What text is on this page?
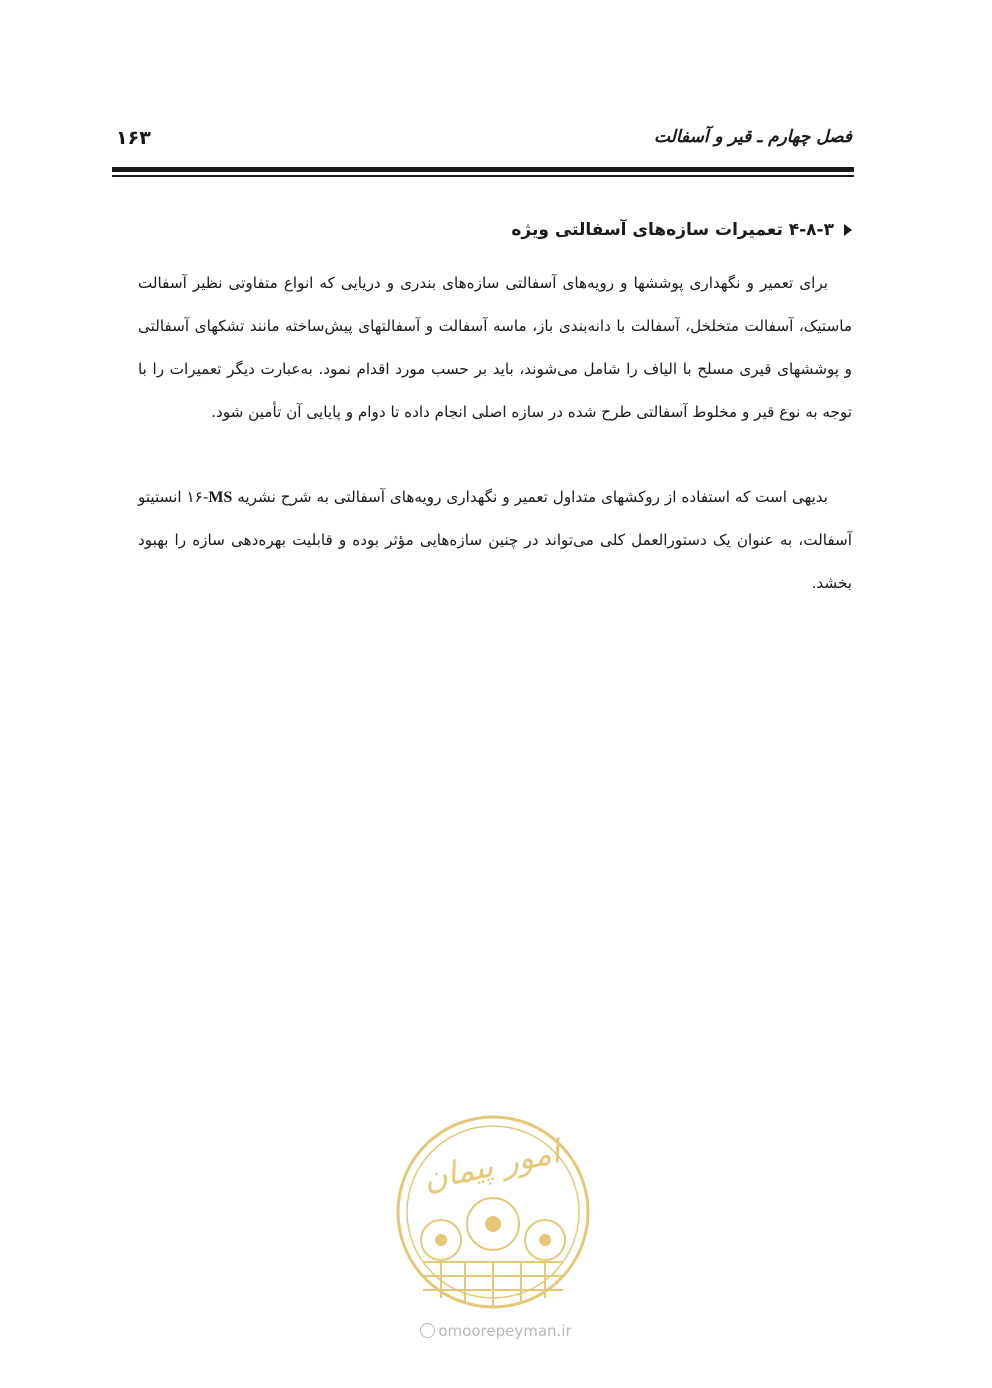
فصل چهارم ـ قیر و آسفالت
۱۶۳
۴-۸-۳ تعمیرات سازه‌های آسفالتی ویژه

برای تعمیر و نگهداری پوششها و رویه‌های آسفالتی سازه‌های بندری و دریایی که انواع متفاوتی نظیر آسفالت ماستیک، آسفالت متخلخل، آسفالت با دانه‌بندی باز، ماسه آسفالت و آسفالتهای پیش‌ساخته مانند تشکهای آسفالتی و پوششهای قیری مسلح با الیاف را شامل می‌شوند، باید بر حسب مورد اقدام نمود. به‌عبارت دیگر تعمیرات را با توجه به نوع قیر و مخلوط آسفالتی طرح شده در سازه اصلی انجام داده تا دوام و پایایی آن تأمین شود.

بدیهی است که استفاده از روکشهای متداول تعمیر و نگهداری رویه‌های آسفالتی به شرح نشریه MS-۱۶ انستیتو آسفالت، به عنوان یک دستورالعمل کلی می‌تواند در چنین سازه‌هایی مؤثر بوده و قابلیت بهره‌دهی سازه را بهبود بخشد.

امور پیمان
omoorepeyman.ir
